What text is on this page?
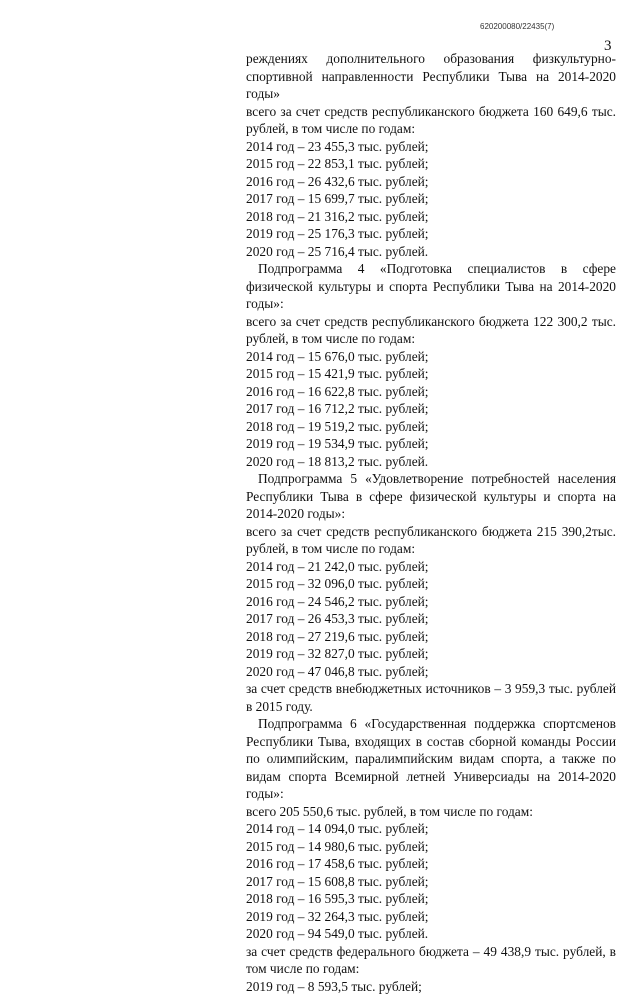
620200080/22435(7)
3

реждениях дополнительного образования физкультурно-спортивной направленности Республики Тыва на 2014-2020 годы»

всего за счет средств республиканского бюджета 160 649,6 тыс. рублей, в том числе по годам:

2014 год – 23 455,3 тыс. рублей;
2015 год – 22 853,1 тыс. рублей;
2016 год – 26 432,6 тыс. рублей;
2017 год – 15 699,7 тыс. рублей;
2018 год – 21 316,2 тыс. рублей;
2019 год – 25 176,3 тыс. рублей;
2020 год – 25 716,4 тыс. рублей.

Подпрограмма 4 «Подготовка специалистов в сфере физической культуры и спорта Республики Тыва на 2014-2020 годы»:

всего за счет средств республиканского бюджета 122 300,2 тыс. рублей, в том числе по годам:

2014 год – 15 676,0 тыс. рублей;
2015 год – 15 421,9 тыс. рублей;
2016 год – 16 622,8 тыс. рублей;
2017 год – 16 712,2 тыс. рублей;
2018 год – 19 519,2 тыс. рублей;
2019 год – 19 534,9 тыс. рублей;
2020 год – 18 813,2 тыс. рублей.

Подпрограмма 5 «Удовлетворение потребностей населения Республики Тыва в сфере физической культуры и спорта на 2014-2020 годы»:

всего за счет средств республиканского бюджета 215 390,2тыс. рублей, в том числе по годам:

2014 год – 21 242,0 тыс. рублей;
2015 год – 32 096,0 тыс. рублей;
2016 год – 24 546,2 тыс. рублей;
2017 год – 26 453,3 тыс. рублей;
2018 год – 27 219,6 тыс. рублей;
2019 год – 32 827,0 тыс. рублей;
2020 год – 47 046,8 тыс. рублей;

за счет средств внебюджетных источников – 3 959,3 тыс. рублей в 2015 году.

Подпрограмма 6 «Государственная поддержка спортсменов Республики Тыва, входящих в состав сборной команды России по олимпийским, паралимпийским видам спорта, а также по видам спорта Всемирной летней Универсиады на 2014-2020 годы»:

всего 205 550,6 тыс. рублей, в том числе по годам:

2014 год – 14 094,0 тыс. рублей;
2015 год – 14 980,6 тыс. рублей;
2016 год – 17 458,6 тыс. рублей;
2017 год – 15 608,8 тыс. рублей;
2018 год – 16 595,3 тыс. рублей;
2019 год – 32 264,3 тыс. рублей;
2020 год – 94 549,0 тыс. рублей.

за счет средств федерального бюджета – 49 438,9 тыс. рублей, в том числе по годам:

2019 год – 8 593,5 тыс. рублей;
